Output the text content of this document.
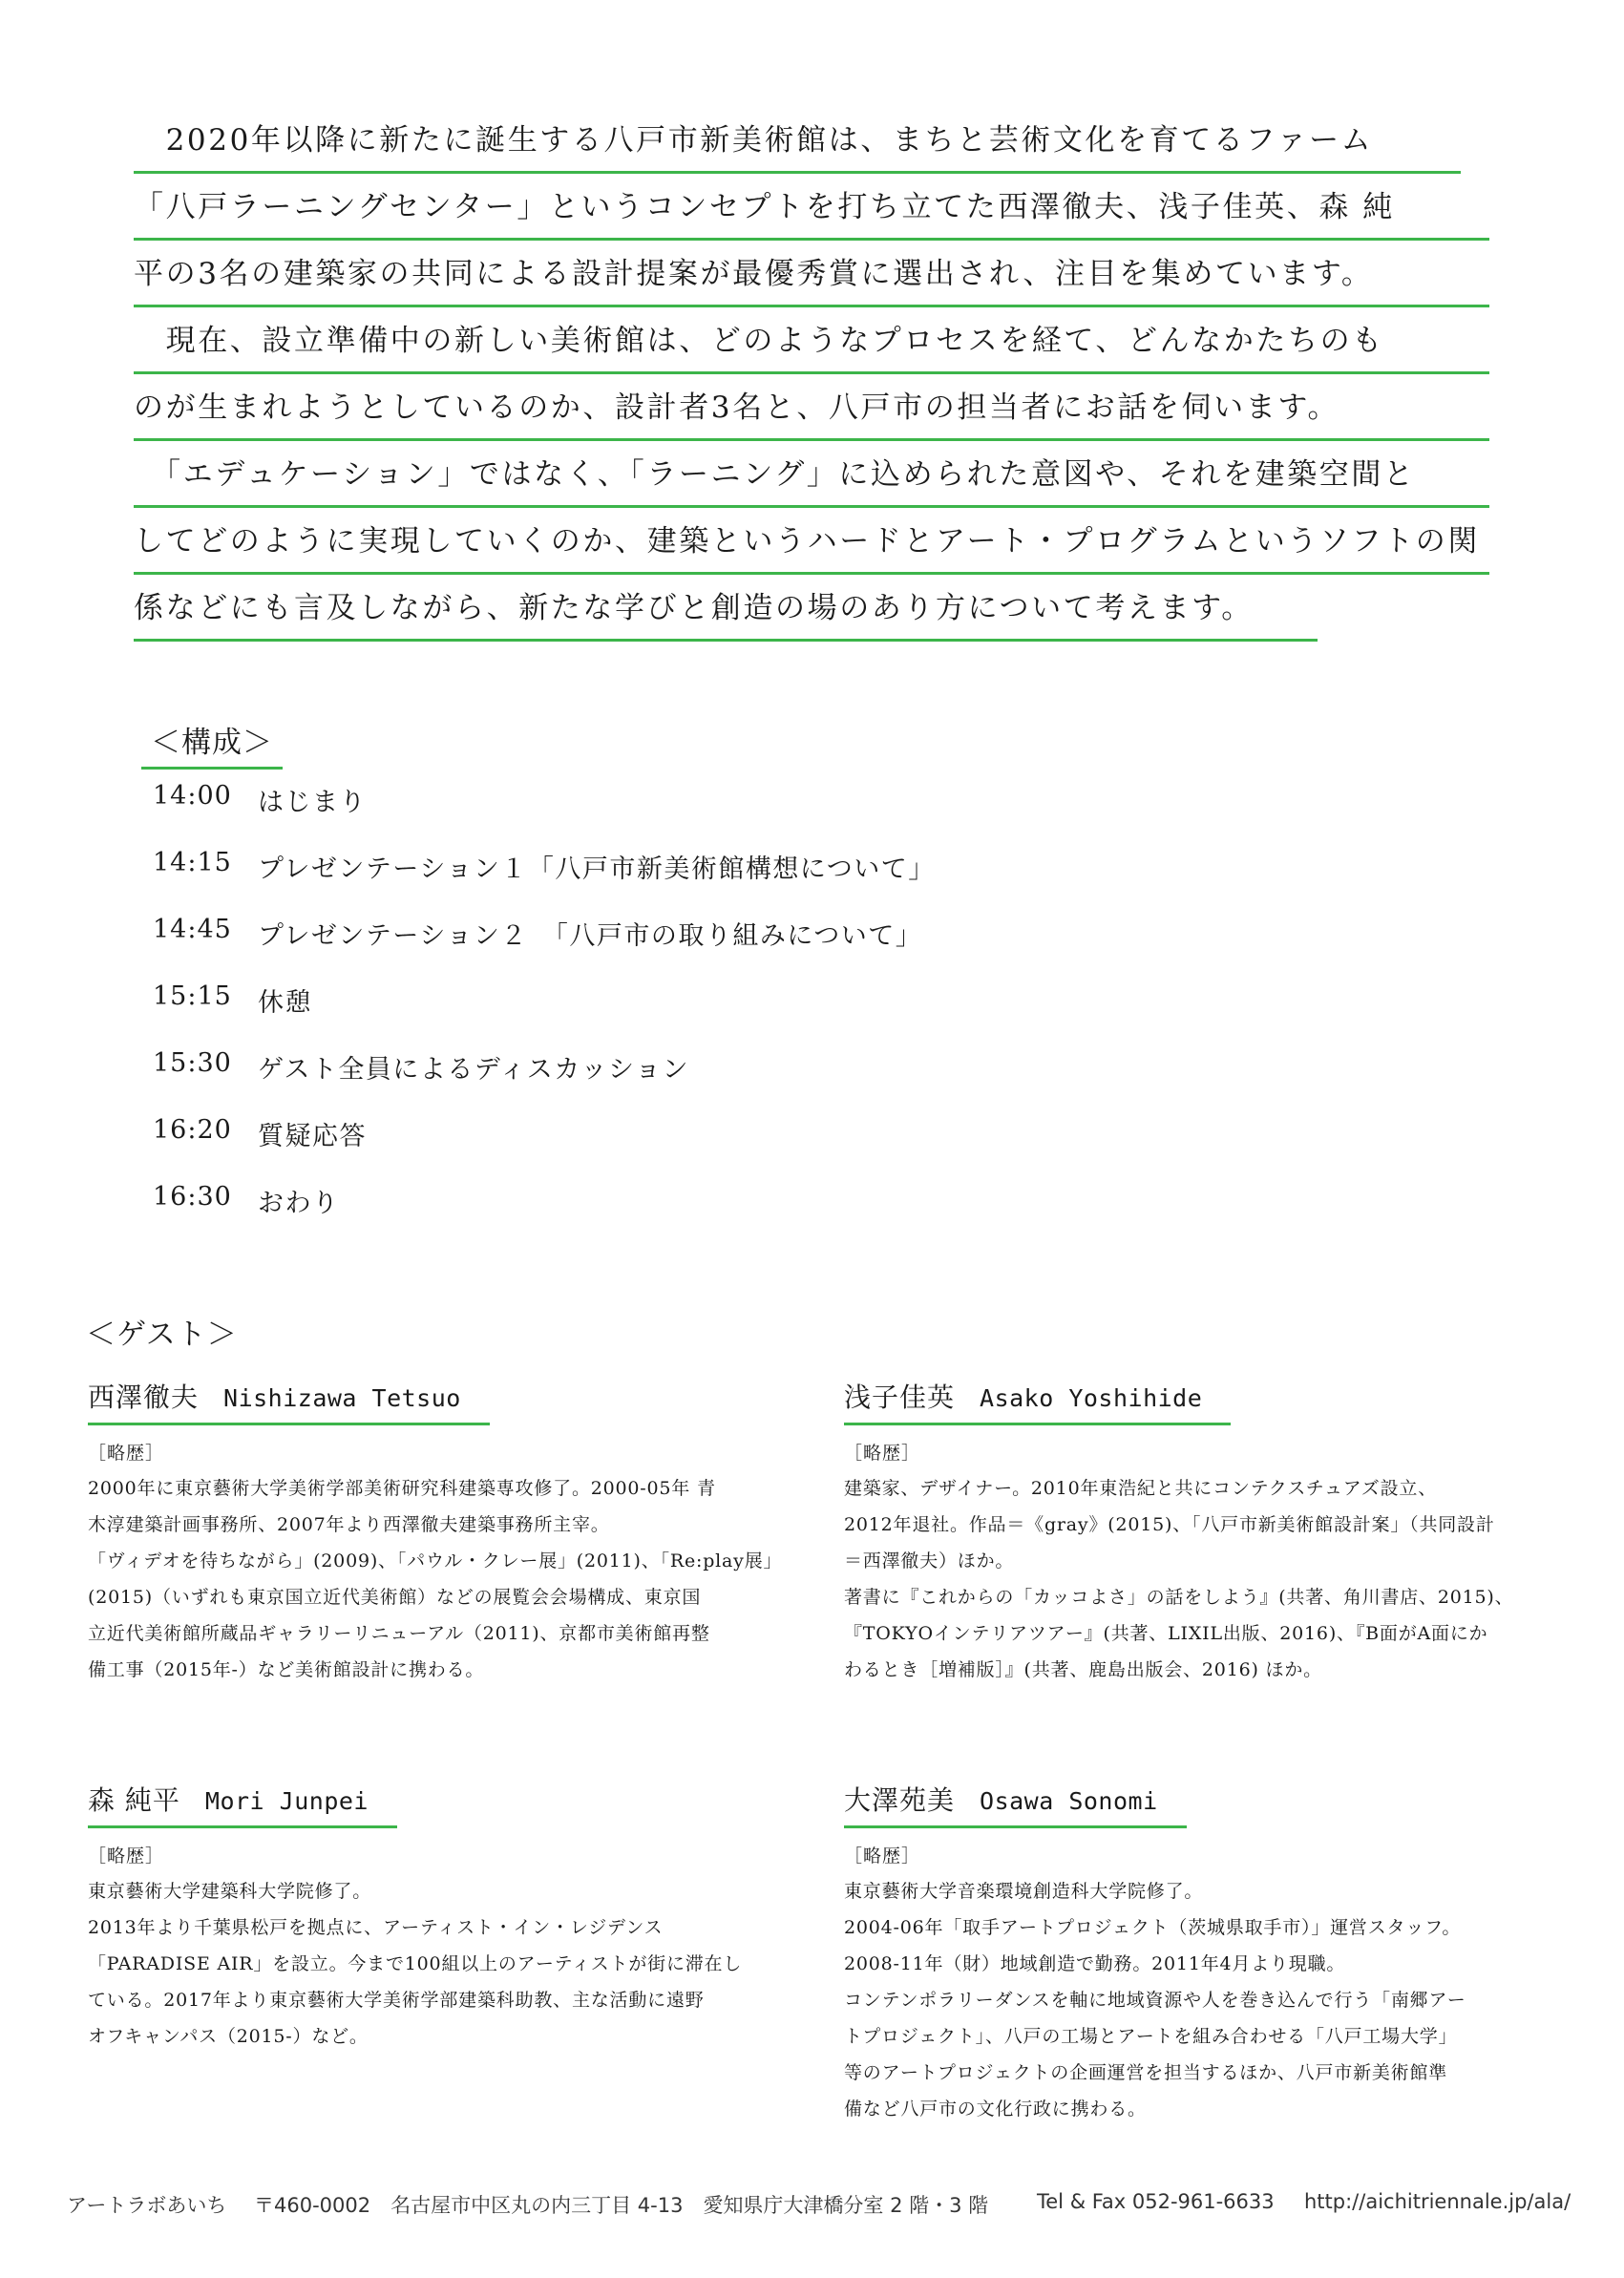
　2020年以降に新たに誕生する八戸市新美術館は、まちと芸術文化を育てるファーム
「八戸ラーニングセンター」というコンセプトを打ち立てた西澤徹夫、浅子佳英、森 純
平の3名の建築家の共同による設計提案が最優秀賞に選出され、注目を集めています。
　現在、設立準備中の新しい美術館は、どのようなプロセスを経て、どんなかたちのも
のが生まれようとしているのか、設計者3名と、八戸市の担当者にお話を伺います。
　「エデュケーション」ではなく、「ラーニング」に込められた意図や、それを建築空間と
してどのように実現していくのか、建築というハードとアート・プログラムというソフトの関
係などにも言及しながら、新たな学びと創造の場のあり方について考えます。
＜構成＞
14:00	はじまり
14:15	プレゼンテーション１「八戸市新美術館構想について」
14:45	プレゼンテーション２　「八戸市の取り組みについて」
15:15	休憩
15:30	ゲスト全員によるディスカッション
16:20	質疑応答
16:30	おわり
＜ゲスト＞
西澤徹夫 Nishizawa Tetsuo
［略歴］

2000年に東京藝術大学美術学部美術研究科建築専攻修了。2000-05年 青

木淳建築計画事務所、2007年より西澤徹夫建築事務所主宰。

「ヴィデオを待ちながら」(2009)、「パウル・クレー展」(2011)、「Re:play展」

(2015)（いずれも東京国立近代美術館）などの展覧会会場構成、東京国

立近代美術館所蔵品ギャラリーリニューアル（2011)、京都市美術館再整

備工事（2015年-）など美術館設計に携わる。

浅子佳英 Asako Yoshihide
［略歴］

建築家、デザイナー。2010年東浩紀と共にコンテクスチュアズ設立、

2012年退社。作品＝《gray》(2015)、「八戸市新美術館設計案」（共同設計

＝西澤徹夫）ほか。

著書に『これからの「カッコよさ」の話をしよう』(共著、角川書店、2015)、

『TOKYOインテリアツアー』(共著、LIXIL出版、2016)、『B面がA面にか

わるとき［増補版］』(共著、鹿島出版会、2016) ほか。

森 純平 Mori Junpei
［略歴］

東京藝術大学建築科大学院修了。

2013年より千葉県松戸を拠点に、アーティスト・イン・レジデンス

「PARADISE AIR」を設立。今まで100組以上のアーティストが街に滞在し

ている。2017年より東京藝術大学美術学部建築科助教、主な活動に遠野

オフキャンパス（2015-）など。

大澤苑美 Osawa Sonomi
［略歴］

東京藝術大学音楽環境創造科大学院修了。

2004-06年「取手アートプロジェクト（茨城県取手市）」運営スタッフ。

2008-11年（財）地域創造で勤務。2011年4月より現職。

コンテンポラリーダンスを軸に地域資源や人を巻き込んで行う「南郷アー

トプロジェクト」、八戸の工場とアートを組み合わせる「八戸工場大学」

等のアートプロジェクトの企画運営を担当するほか、八戸市新美術館準

備など八戸市の文化行政に携わる。

アートラボあいち 〒460-0002　名古屋市中区丸の内三丁目 4-13　愛知県庁大津橋分室 2 階・3 階 Tel & Fax 052-961-6633 http://aichitriennale.jp/ala/
